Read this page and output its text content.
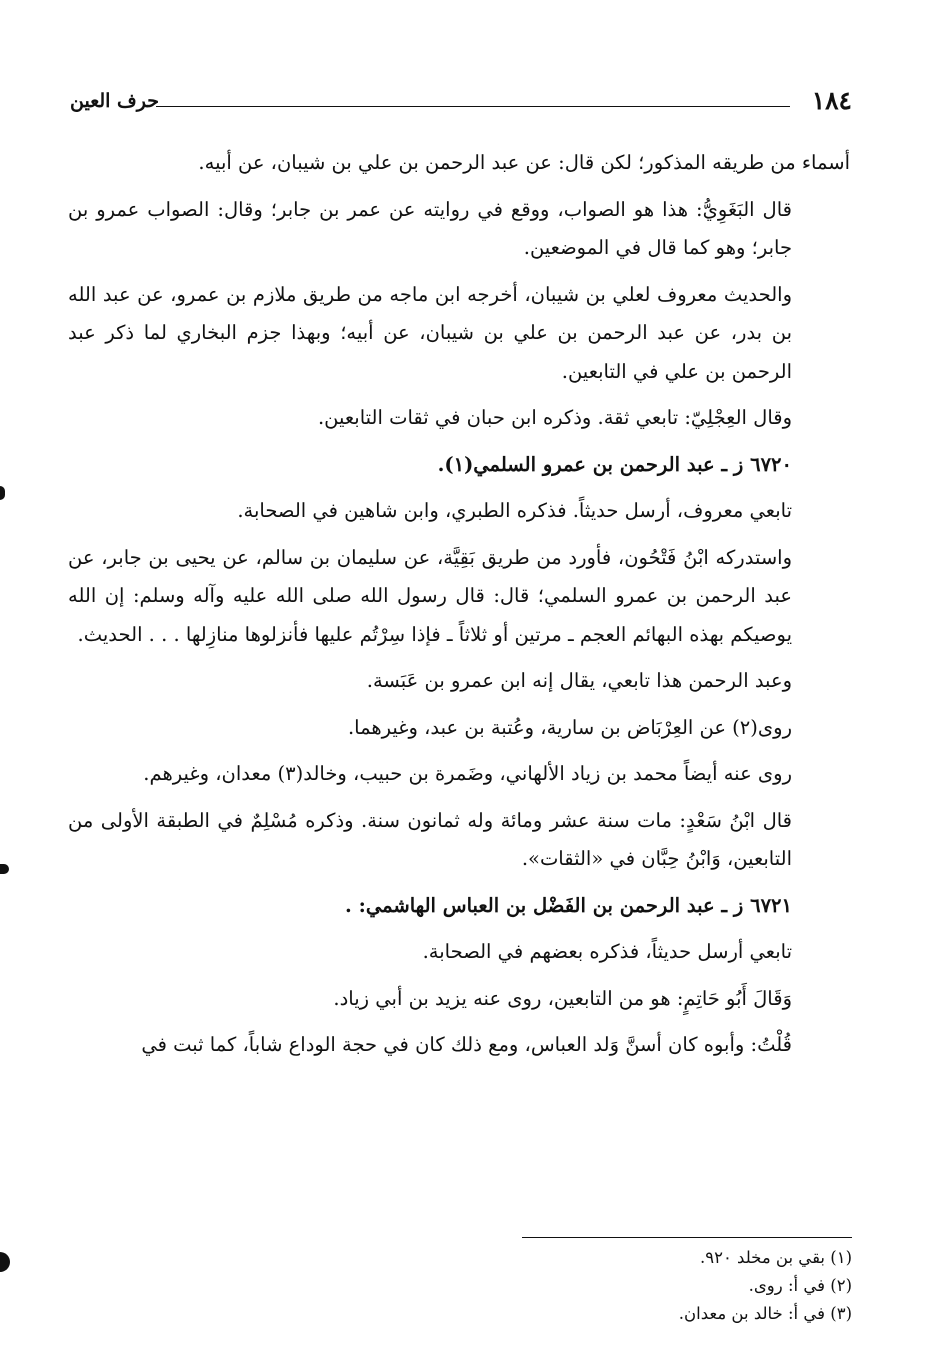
١٨٤
حرف العين

أسماء من طريقه المذكور؛ لكن قال: عن عبد الرحمن بن علي بن شيبان، عن أبيه.

قال البَغَوِيُّ: هذا هو الصواب، ووقع في روايته عن عمر بن جابر؛ وقال: الصواب عمرو بن جابر؛ وهو كما قال في الموضعين.

والحديث معروف لعلي بن شيبان، أخرجه ابن ماجه من طريق ملازم بن عمرو، عن عبد الله بن بدر، عن عبد الرحمن بن علي بن شيبان، عن أبيه؛ وبهذا جزم البخاري لما ذكر عبد الرحمن بن علي في التابعين.

وقال العِجْلِيّ: تابعي ثقة. وذكره ابن حبان في ثقات التابعين.

٦٧٢٠ ز ـ عبد الرحمن بن عمرو السلمي(١).

تابعي معروف، أرسل حديثاً. فذكره الطبري، وابن شاهين في الصحابة.

واستدركه ابْنُ فَتْحُون، فأورد من طريق بَقِيَّة، عن سليمان بن سالم، عن يحيى بن جابر، عن عبد الرحمن بن عمرو السلمي؛ قال: قال رسول الله صلى الله عليه وآله وسلم: إن الله يوصيكم بهذه البهائم العجم ـ مرتين أو ثلاثاً ـ فإذا سِرْتُم عليها فأنزلوها منازِلها . . . الحديث.

وعبد الرحمن هذا تابعي، يقال إنه ابن عمرو بن عَبَسة.

روى(٢) عن العِرْبَاض بن سارية، وعُتبة بن عبد، وغيرهما.

روى عنه أيضاً محمد بن زياد الألهاني، وضَمرة بن حبيب، وخالد(٣) معدان، وغيرهم.

قال ابْنُ سَعْدٍ: مات سنة عشر ومائة وله ثمانون سنة. وذكره مُسْلِمٌ في الطبقة الأولى من التابعين، وَابْنُ حِبَّان في «الثقات».

٦٧٢١ ز ـ عبد الرحمن بن الفَضْل بن العباس الهاشمي: .

تابعي أرسل حديثاً، فذكره بعضهم في الصحابة.

وَقَالَ أَبُو حَاتِمٍ: هو من التابعين، روى عنه يزيد بن أبي زياد.

قُلْتُ: وأبوه كان أسنَّ وَلد العباس، ومع ذلك كان في حجة الوداع شاباً، كما ثبت في

(١) بقي بن مخلد ٩٢٠.
(٢) في أ: روى.
(٣) في أ: خالد بن معدان.
